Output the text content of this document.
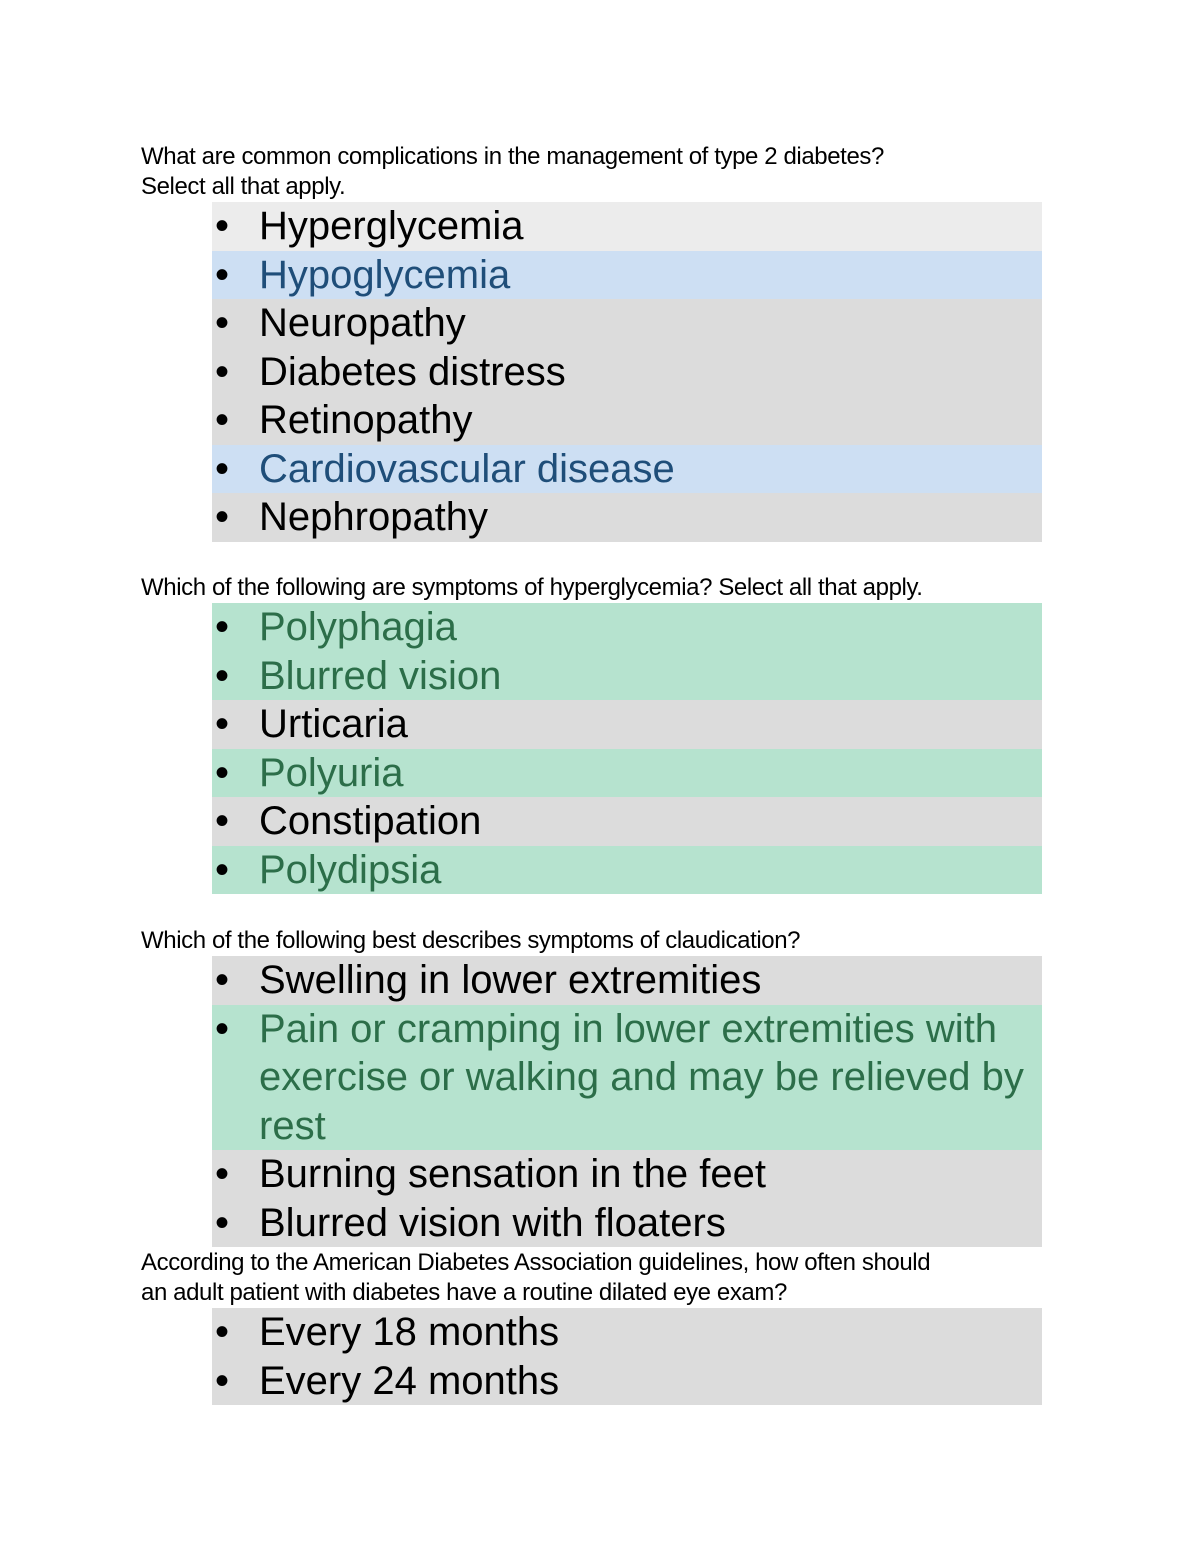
What are common complications in the management of type 2 diabetes?
Select all that apply.

• Hyperglycemia
• Hypoglycemia
• Neuropathy
• Diabetes distress
• Retinopathy
• Cardiovascular disease
• Nephropathy

Which of the following are symptoms of hyperglycemia? Select all that apply.

• Polyphagia
• Blurred vision
• Urticaria
• Polyuria
• Constipation
• Polydipsia

Which of the following best describes symptoms of claudication?

• Swelling in lower extremities
• Pain or cramping in lower extremities with exercise or walking and may be relieved by rest
• Burning sensation in the feet
• Blurred vision with floaters

According to the American Diabetes Association guidelines, how often should
an adult patient with diabetes have a routine dilated eye exam?

• Every 18 months
• Every 24 months
